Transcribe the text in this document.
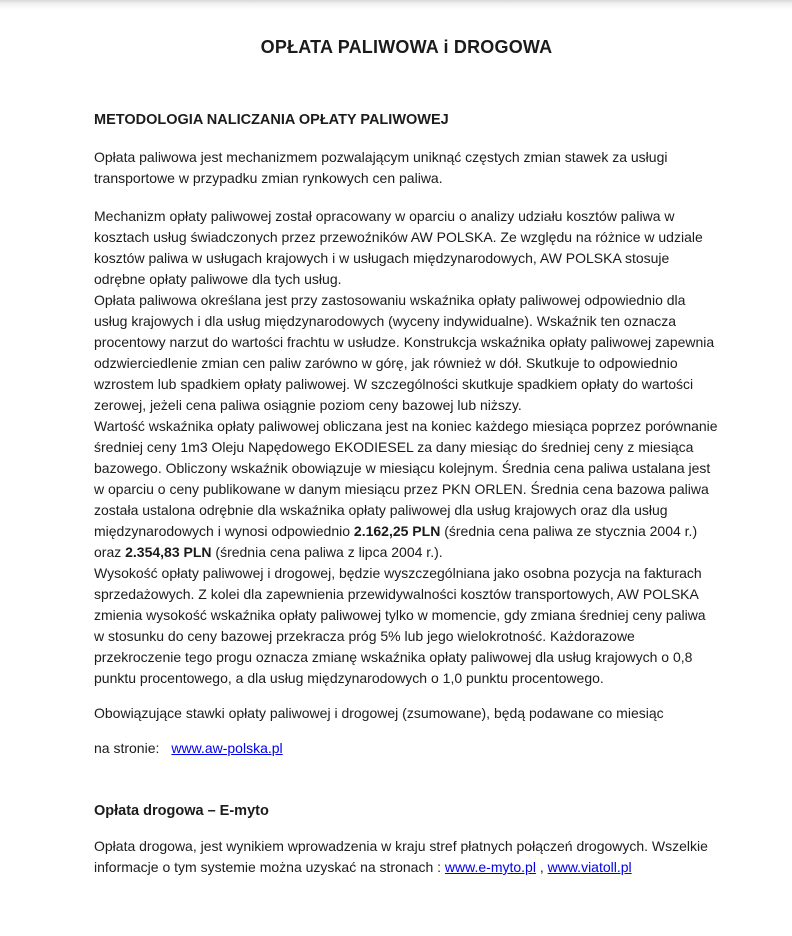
OPŁATA PALIWOWA i DROGOWA
METODOLOGIA NALICZANIA OPŁATY PALIWOWEJ

Opłata paliwowa jest mechanizmem pozwalającym uniknąć częstych zmian stawek za usługi transportowe w przypadku zmian rynkowych cen paliwa.

Mechanizm opłaty paliwowej został opracowany w oparciu o analizy udziału kosztów paliwa w kosztach usług świadczonych przez przewoźników AW POLSKA. Ze względu na różnice w udziale kosztów paliwa w usługach krajowych i w usługach międzynarodowych, AW POLSKA stosuje odrębne opłaty paliwowe dla tych usług.

Opłata paliwowa określana jest przy zastosowaniu wskaźnika opłaty paliwowej odpowiednio dla usług krajowych i dla usług międzynarodowych (wyceny indywidualne). Wskaźnik ten oznacza procentowy narzut do wartości frachtu w usłudze. Konstrukcja wskaźnika opłaty paliwowej zapewnia odzwierciedlenie zmian cen paliw zarówno w górę, jak również w dół. Skutkuje to odpowiednio wzrostem lub spadkiem opłaty paliwowej. W szczególności skutkuje spadkiem opłaty do wartości zerowej, jeżeli cena paliwa osiągnie poziom ceny bazowej lub niższy.

Wartość wskaźnika opłaty paliwowej obliczana jest na koniec każdego miesiąca poprzez porównanie średniej ceny 1m3 Oleju Napędowego EKODIESEL za dany miesiąc do średniej ceny z miesiąca bazowego. Obliczony wskaźnik obowiązuje w miesiącu kolejnym. Średnia cena paliwa ustalana jest w oparciu o ceny publikowane w danym miesiącu przez PKN ORLEN. Średnia cena bazowa paliwa została ustalona odrębnie dla wskaźnika opłaty paliwowej dla usług krajowych oraz dla usług międzynarodowych i wynosi odpowiednio 2.162,25 PLN (średnia cena paliwa ze stycznia 2004 r.) oraz 2.354,83 PLN (średnia cena paliwa z lipca 2004 r.).

Wysokość opłaty paliwowej i drogowej, będzie wyszczególniana jako osobna pozycja na fakturach sprzedażowych. Z kolei dla zapewnienia przewidywalności kosztów transportowych, AW POLSKA zmienia wysokość wskaźnika opłaty paliwowej tylko w momencie, gdy zmiana średniej ceny paliwa w stosunku do ceny bazowej przekracza próg 5% lub jego wielokrotność. Każdorazowe przekroczenie tego progu oznacza zmianę wskaźnika opłaty paliwowej dla usług krajowych o 0,8 punktu procentowego, a dla usług międzynarodowych o 1,0 punktu procentowego.

Obowiązujące stawki opłaty paliwowej i drogowej (zsumowane), będą podawane co miesiąc

na stronie: www.aw-polska.pl

Opłata drogowa – E-myto

Opłata drogowa, jest wynikiem wprowadzenia w kraju stref płatnych połączeń drogowych. Wszelkie informacje o tym systemie można uzyskać na stronach : www.e-myto.pl , www.viatoll.pl
